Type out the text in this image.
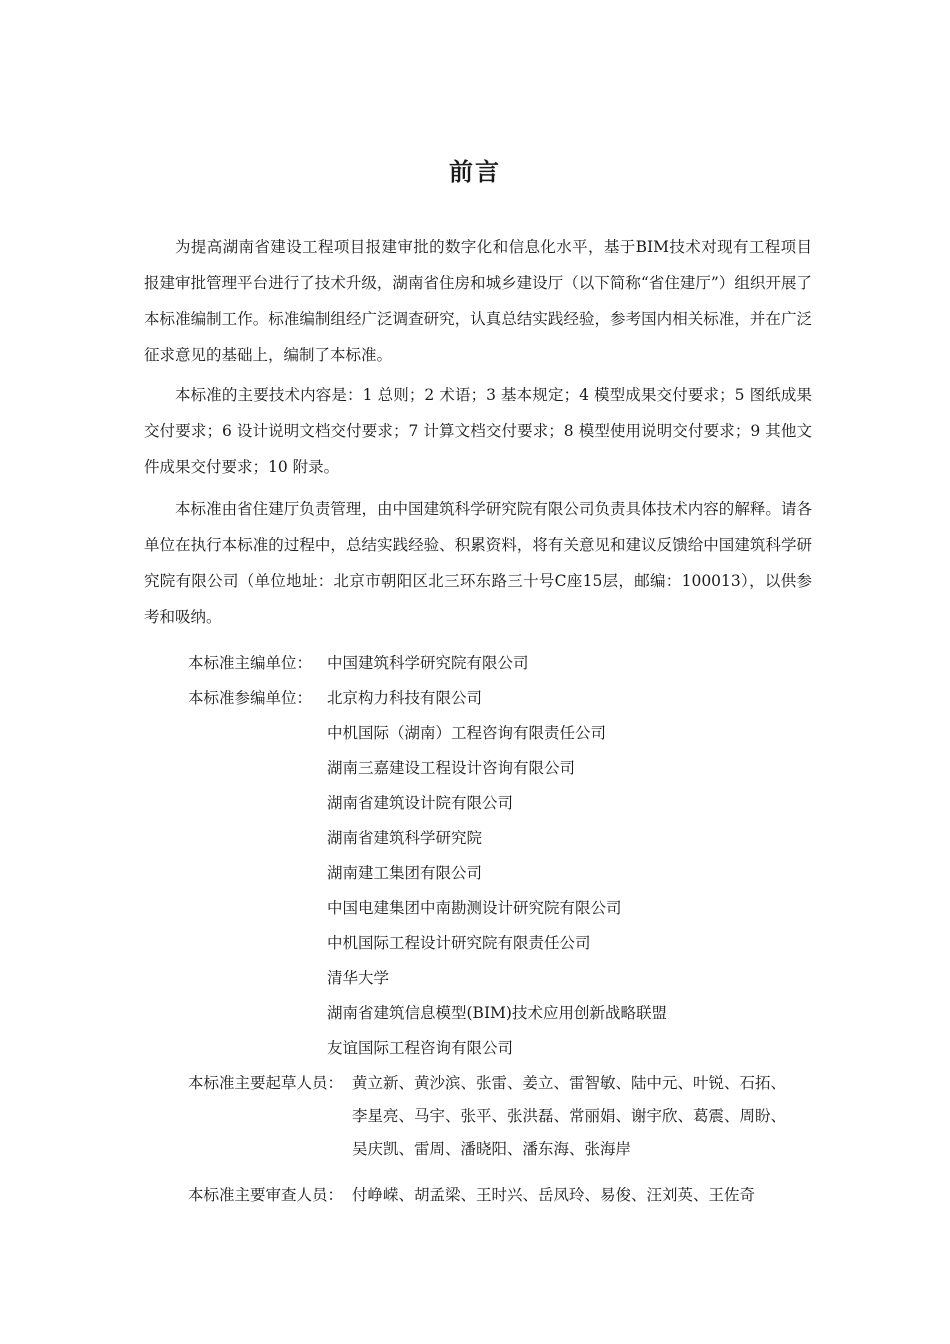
前言

为提高湖南省建设工程项目报建审批的数字化和信息化水平，基于BIM技术对现有工程项目报建审批管理平台进行了技术升级，湖南省住房和城乡建设厅（以下简称“省住建厅”）组织开展了本标准编制工作。标准编制组经广泛调查研究，认真总结实践经验，参考国内相关标准，并在广泛征求意见的基础上，编制了本标准。

本标准的主要技术内容是：1 总则；2 术语；3 基本规定；4 模型成果交付要求；5 图纸成果交付要求；6 设计说明文档交付要求；7 计算文档交付要求；8 模型使用说明交付要求；9 其他文件成果交付要求；10 附录。

本标准由省住建厅负责管理，由中国建筑科学研究院有限公司负责具体技术内容的解释。请各单位在执行本标准的过程中，总结实践经验、积累资料，将有关意见和建议反馈给中国建筑科学研究院有限公司（单位地址：北京市朝阳区北三环东路三十号C座15层，邮编：100013），以供参考和吸纳。

本标准主编单位： 中国建筑科学研究院有限公司
本标准参编单位： 北京构力科技有限公司
中机国际（湖南）工程咨询有限责任公司
湖南三嘉建设工程设计咨询有限公司
湖南省建筑设计院有限公司
湖南省建筑科学研究院
湖南建工集团有限公司
中国电建集团中南勘测设计研究院有限公司
中机国际工程设计研究院有限责任公司
清华大学
湖南省建筑信息模型(BIM)技术应用创新战略联盟
友谊国际工程咨询有限公司
本标准主要起草人员： 黄立新、黄沙滨、张雷、姜立、雷智敏、陆中元、叶锐、石拓、
李星亮、马宇、张平、张洪磊、常丽娟、谢宇欣、葛震、周盼、
吴庆凯、雷周、潘晓阳、潘东海、张海岸
本标准主要审查人员： 付峥嵘、胡孟梁、王时兴、岳凤玲、易俊、汪刘英、王佐奇
